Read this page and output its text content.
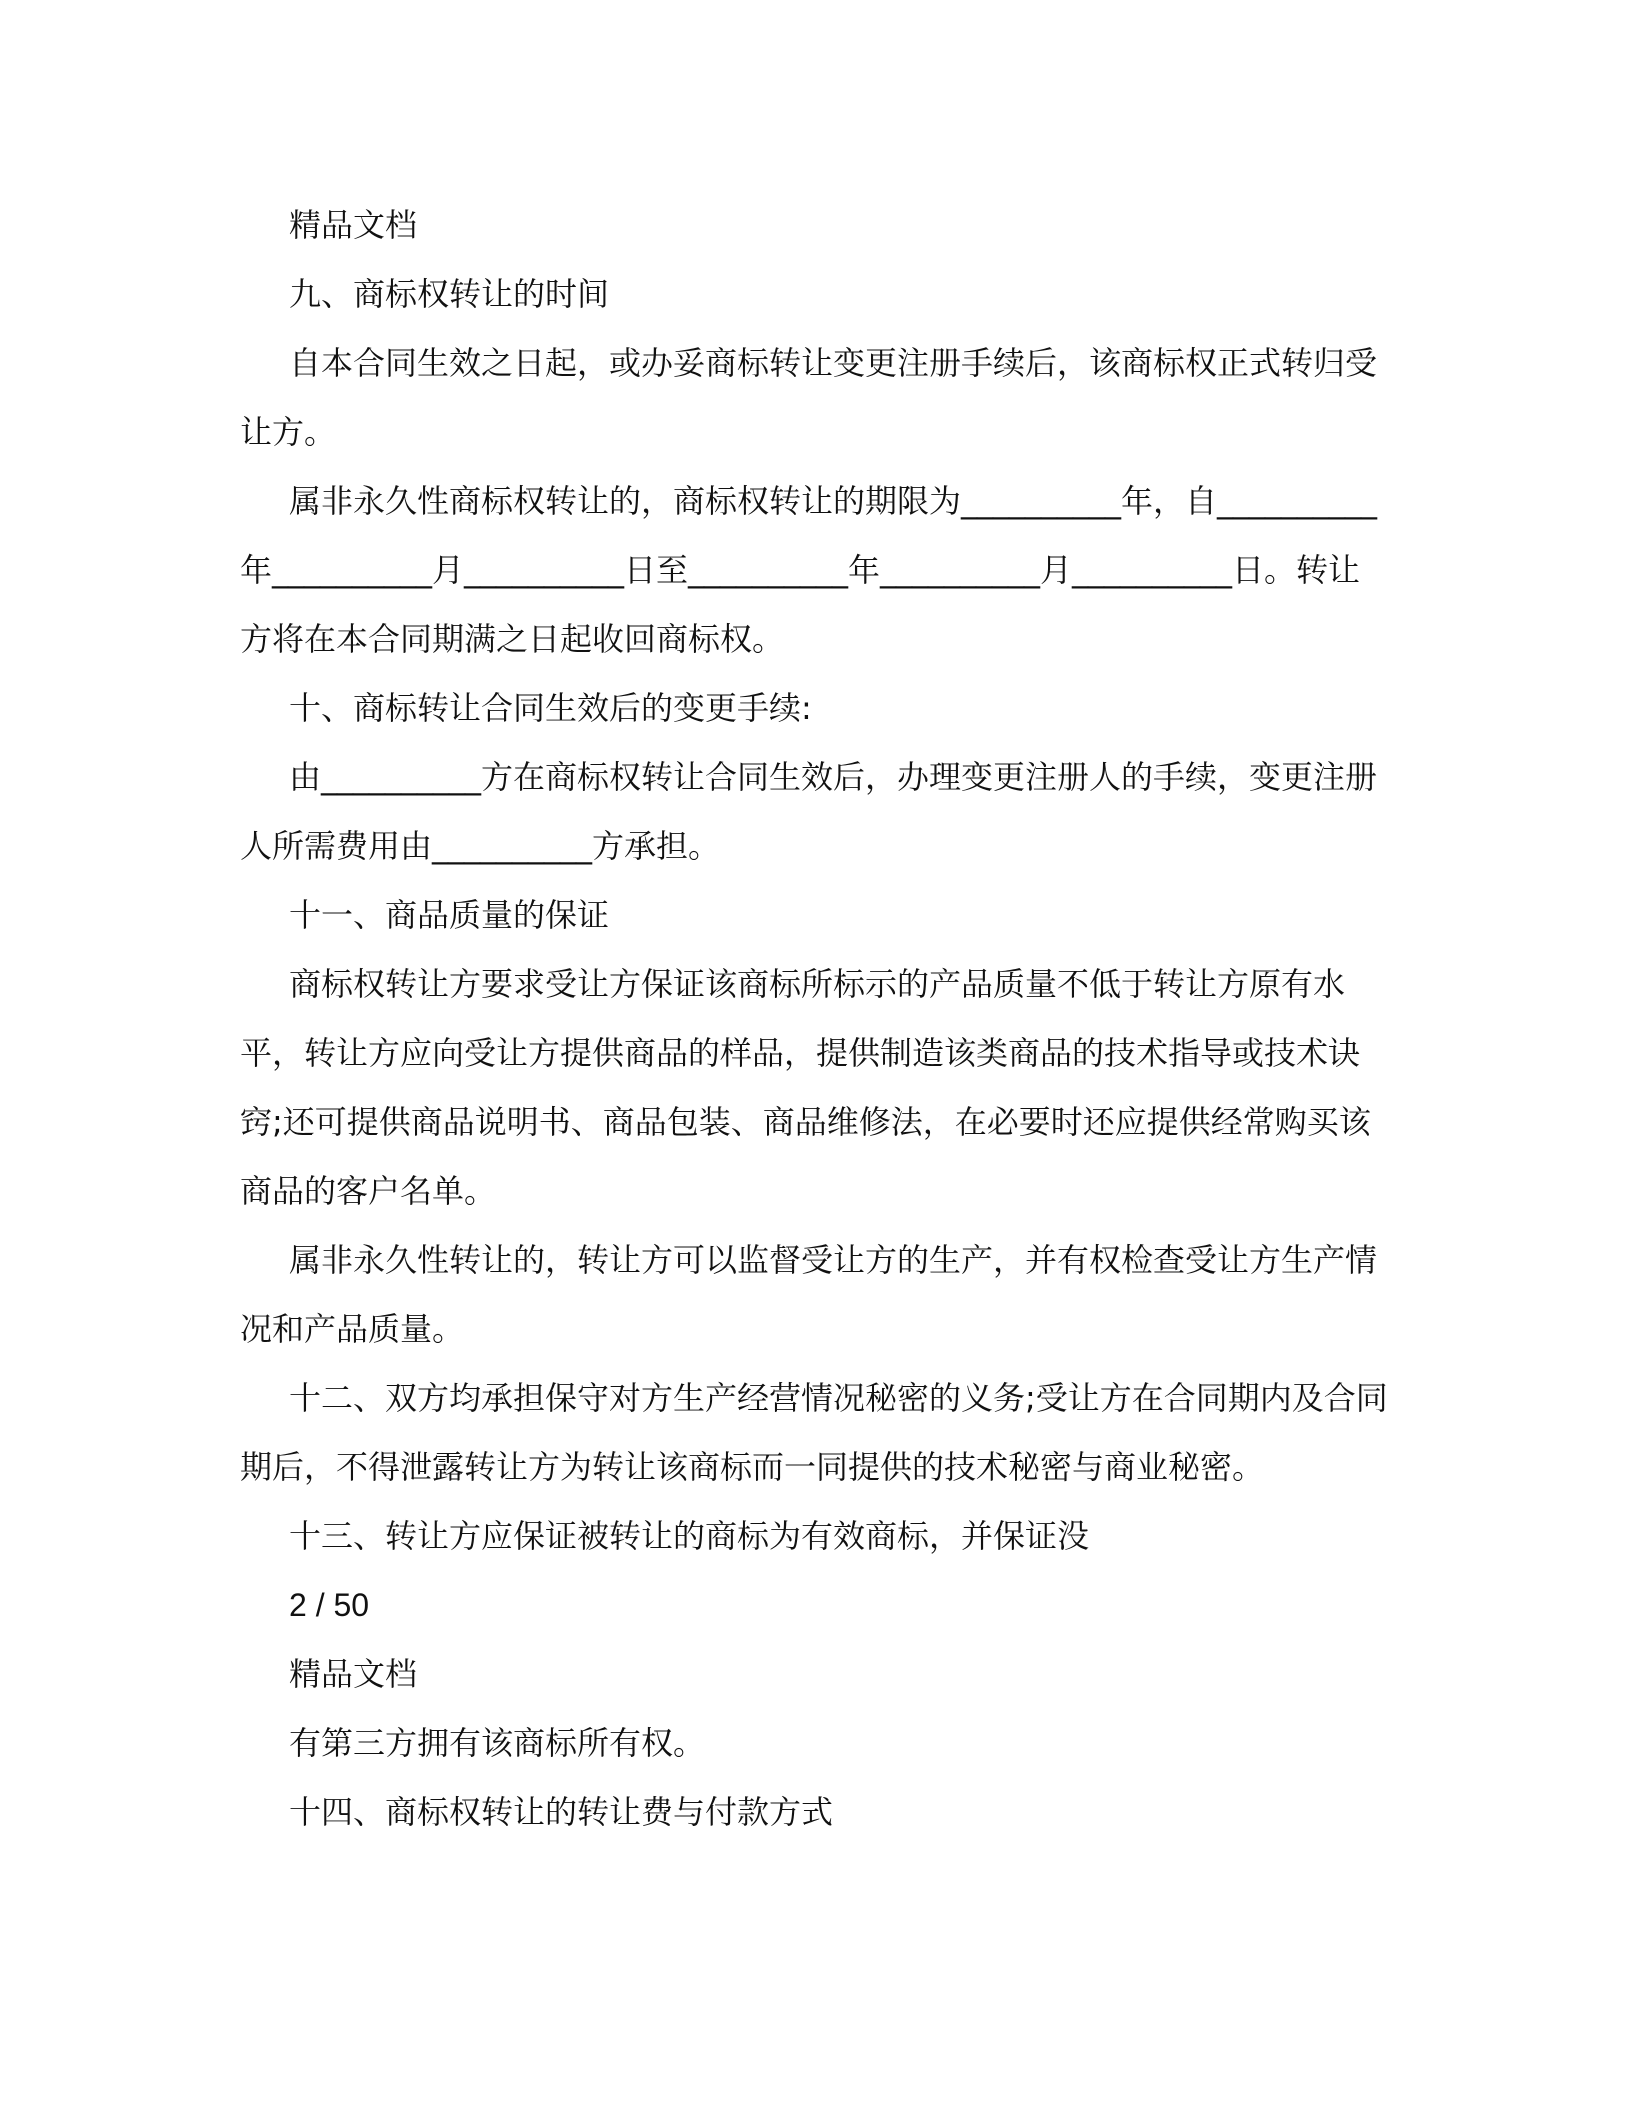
精品文档
九、商标权转让的时间
自本合同生效之日起，或办妥商标转让变更注册手续后，该商标权正式转归受
让方。
属非永久性商标权转让的，商标权转让的期限为__________年，自__________
年__________月__________日至__________年__________月__________日。转让
方将在本合同期满之日起收回商标权。
十、商标转让合同生效后的变更手续:
由__________方在商标权转让合同生效后，办理变更注册人的手续，变更注册
人所需费用由__________方承担。
十一、商品质量的保证
商标权转让方要求受让方保证该商标所标示的产品质量不低于转让方原有水
平，转让方应向受让方提供商品的样品，提供制造该类商品的技术指导或技术诀
窍;还可提供商品说明书、商品包装、商品维修法，在必要时还应提供经常购买该
商品的客户名单。
属非永久性转让的，转让方可以监督受让方的生产，并有权检查受让方生产情
况和产品质量。
十二、双方均承担保守对方生产经营情况秘密的义务;受让方在合同期内及合同
期后，不得泄露转让方为转让该商标而一同提供的技术秘密与商业秘密。
十三、转让方应保证被转让的商标为有效商标，并保证没
2 / 50
精品文档
有第三方拥有该商标所有权。
十四、商标权转让的转让费与付款方式
